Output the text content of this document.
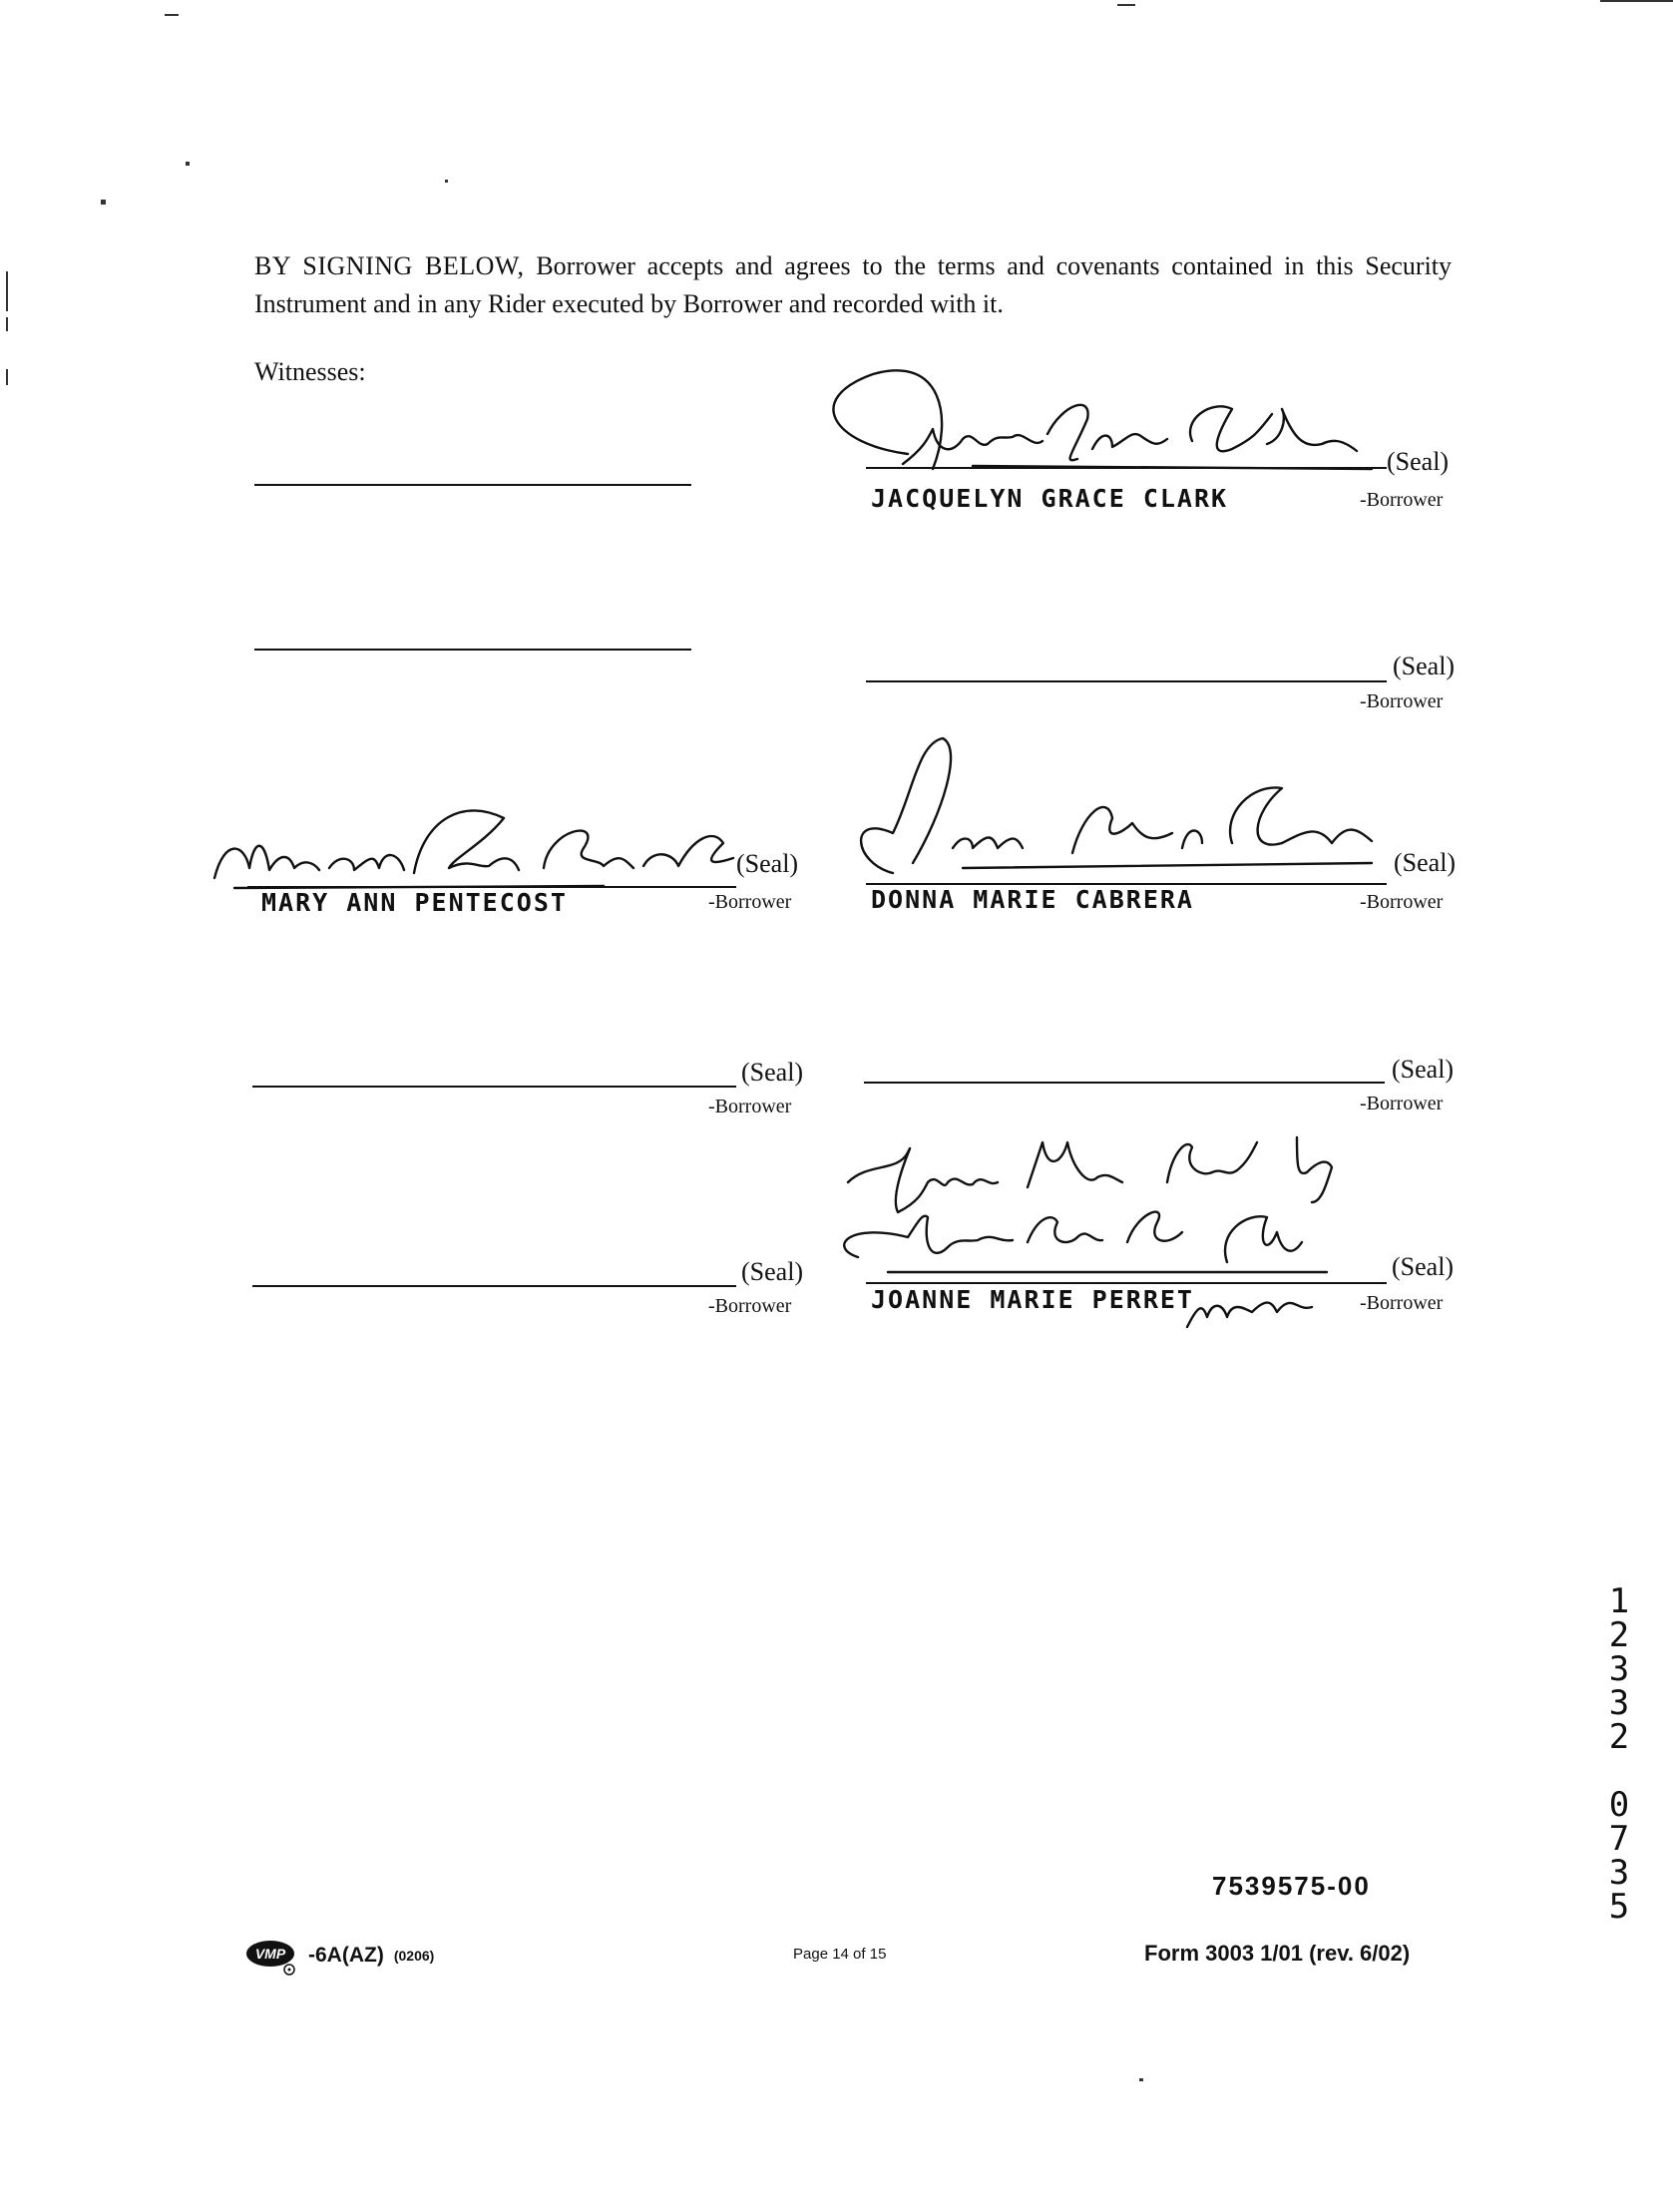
BY SIGNING BELOW, Borrower accepts and agrees to the terms and covenants contained in this Security Instrument and in any Rider executed by Borrower and recorded with it.
Witnesses:
(Seal)
JACQUELYN GRACE CLARK	-Borrower
(Seal)
-Borrower
(Seal)
MARY ANN PENTECOST	-Borrower
(Seal)
DONNA MARIE CABRERA	-Borrower
(Seal)
-Borrower
(Seal)
-Borrower
(Seal)
-Borrower
(Seal)
JOANNE MARIE PERRET	-Borrower
7539575-00
VMP -6A(AZ) (0206)	Page 14 of 15	Form 3003 1/01 (rev. 6/02)
1
2
3
3
2
0
7
3
5
